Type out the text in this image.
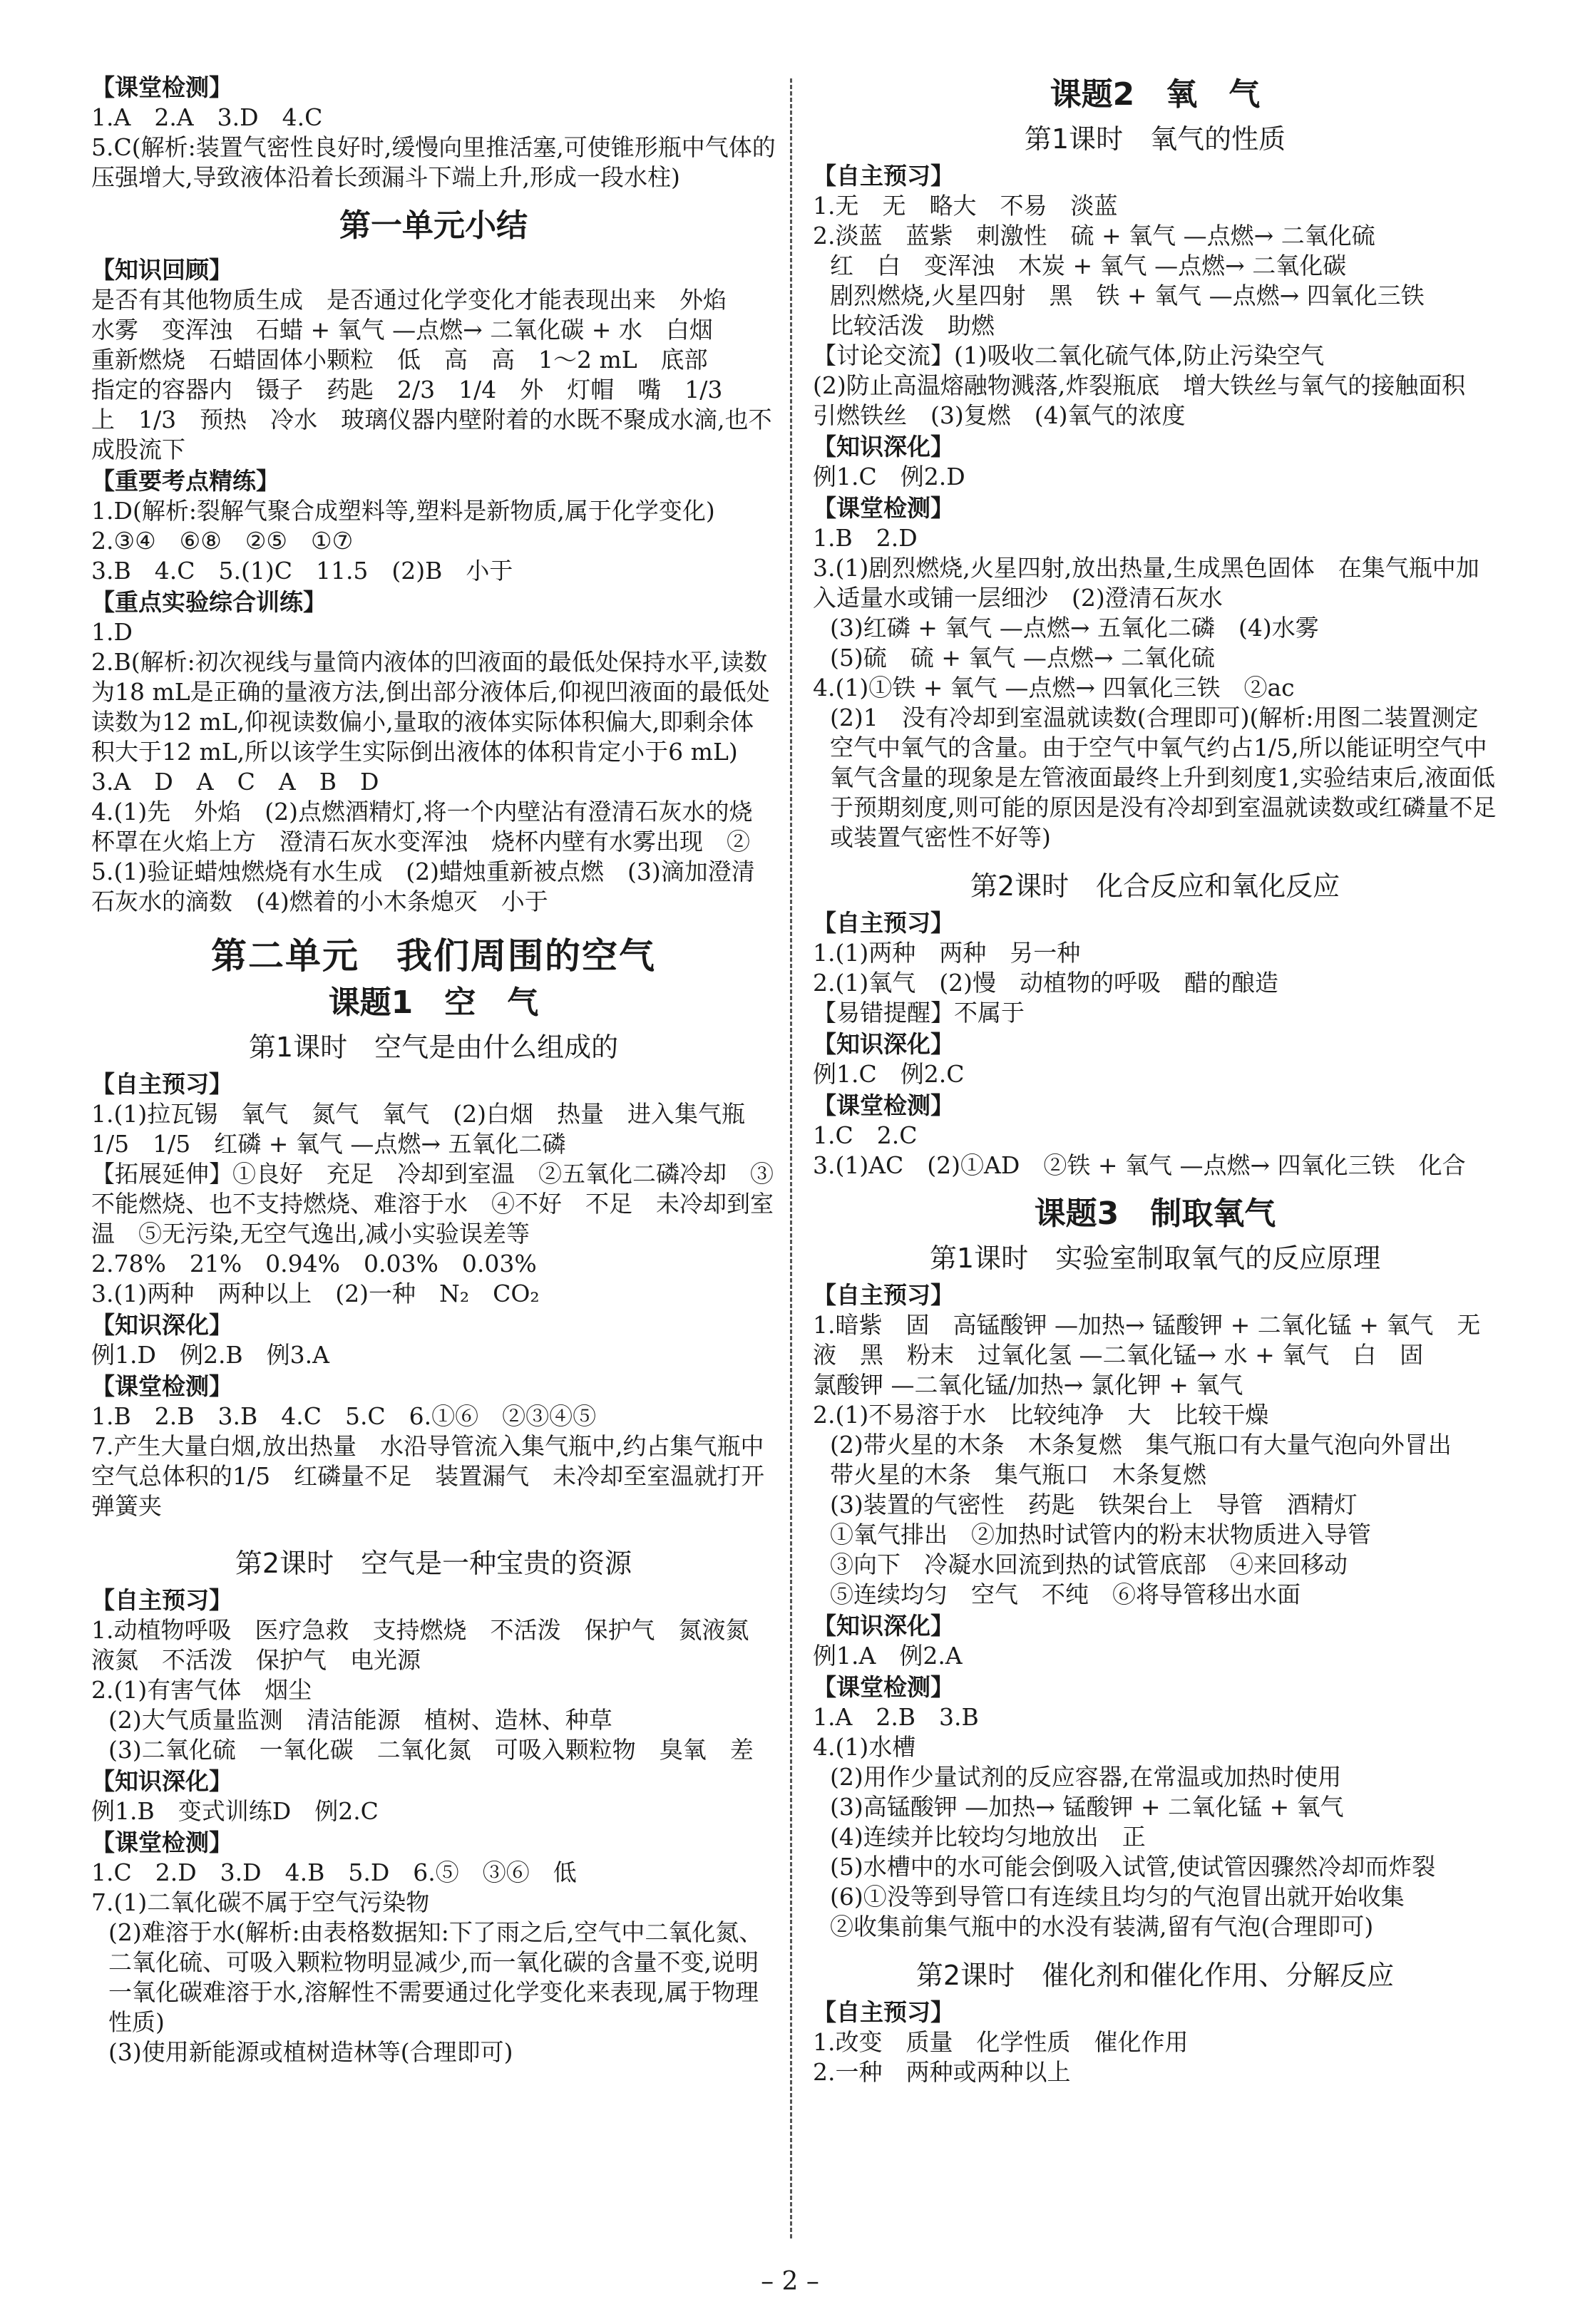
【课堂检测】
1.A　2.A　3.D　4.C
5.C(解析:装置气密性良好时,缓慢向里推活塞,可使锥形瓶中气体的压强增大,导致液体沿着长颈漏斗下端上升,形成一段水柱)
第一单元小结
【知识回顾】
是否有其他物质生成　是否通过化学变化才能表现出来　外焰
水雾　变浑浊　石蜡 + 氧气 —点燃→ 二氧化碳 + 水　白烟
重新燃烧　石蜡固体小颗粒　低　高　高　1～2 mL　底部
指定的容器内　镊子　药匙　2/3　1/4　外　灯帽　嘴　1/3
上　1/3　预热　冷水　玻璃仪器内壁附着的水既不聚成水滴,也不成股流下
【重要考点精练】
1.D(解析:裂解气聚合成塑料等,塑料是新物质,属于化学变化)
2.③④　⑥⑧　②⑤　①⑦
3.B　4.C　5.(1)C　11.5　(2)B　小于
【重点实验综合训练】
1.D
2.B(解析:初次视线与量筒内液体的凹液面的最低处保持水平,读数为18 mL是正确的量液方法,倒出部分液体后,仰视凹液面的最低处读数为12 mL,仰视读数偏小,量取的液体实际体积偏大,即剩余体积大于12 mL,所以该学生实际倒出液体的体积肯定小于6 mL)
3.A　D　A　C　A　B　D
4.(1)先　外焰　(2)点燃酒精灯,将一个内壁沾有澄清石灰水的烧杯罩在火焰上方　澄清石灰水变浑浊　烧杯内壁有水雾出现　②
5.(1)验证蜡烛燃烧有水生成　(2)蜡烛重新被点燃　(3)滴加澄清石灰水的滴数　(4)燃着的小木条熄灭　小于
第二单元　我们周围的空气
课题1　空　气
第1课时　空气是由什么组成的
【自主预习】
1.(1)拉瓦锡　氧气　氮气　氧气　(2)白烟　热量　进入集气瓶
1/5　1/5　红磷 + 氧气 —点燃→ 五氧化二磷
【拓展延伸】①良好　充足　冷却到室温　②五氧化二磷冷却　③不能燃烧、也不支持燃烧、难溶于水　④不好　不足　未冷却到室温　⑤无污染,无空气逸出,减小实验误差等
2.78%　21%　0.94%　0.03%　0.03%
3.(1)两种　两种以上　(2)一种　N₂　CO₂
【知识深化】
例1.D　例2.B　例3.A
【课堂检测】
1.B　2.B　3.B　4.C　5.C　6.①⑥　②③④⑤
7.产生大量白烟,放出热量　水沿导管流入集气瓶中,约占集气瓶中空气总体积的1/5　红磷量不足　装置漏气　未冷却至室温就打开弹簧夹
第2课时　空气是一种宝贵的资源
【自主预习】
1.动植物呼吸　医疗急救　支持燃烧　不活泼　保护气　氮液氮　液氮　不活泼　保护气　电光源
2.(1)有害气体　烟尘
(2)大气质量监测　清洁能源　植树、造林、种草
(3)二氧化硫　一氧化碳　二氧化氮　可吸入颗粒物　臭氧　差
【知识深化】
例1.B　变式训练D　例2.C
【课堂检测】
1.C　2.D　3.D　4.B　5.D　6.⑤　③⑥　低
7.(1)二氧化碳不属于空气污染物
(2)难溶于水(解析:由表格数据知:下了雨之后,空气中二氧化氮、二氧化硫、可吸入颗粒物明显减少,而一氧化碳的含量不变,说明一氧化碳难溶于水,溶解性不需要通过化学变化来表现,属于物理性质)
(3)使用新能源或植树造林等(合理即可)
课题2　氧　气
第1课时　氧气的性质
【自主预习】
1.无　无　略大　不易　淡蓝
2.淡蓝　蓝紫　刺激性　硫 + 氧气 —点燃→ 二氧化硫
红　白　变浑浊　木炭 + 氧气 —点燃→ 二氧化碳
剧烈燃烧,火星四射　黑　铁 + 氧气 —点燃→ 四氧化三铁
比较活泼　助燃
【讨论交流】(1)吸收二氧化硫气体,防止污染空气
(2)防止高温熔融物溅落,炸裂瓶底　增大铁丝与氧气的接触面积　引燃铁丝　(3)复燃　(4)氧气的浓度
【知识深化】
例1.C　例2.D
【课堂检测】
1.B　2.D
3.(1)剧烈燃烧,火星四射,放出热量,生成黑色固体　在集气瓶中加入适量水或铺一层细沙　(2)澄清石灰水
(3)红磷 + 氧气 —点燃→ 五氧化二磷　(4)水雾
(5)硫　硫 + 氧气 —点燃→ 二氧化硫
4.(1)①铁 + 氧气 —点燃→ 四氧化三铁　②ac
(2)1　没有冷却到室温就读数(合理即可)(解析:用图二装置测定空气中氧气的含量。由于空气中氧气约占1/5,所以能证明空气中氧气含量的现象是左管液面最终上升到刻度1,实验结束后,液面低于预期刻度,则可能的原因是没有冷却到室温就读数或红磷量不足或装置气密性不好等)
第2课时　化合反应和氧化反应
【自主预习】
1.(1)两种　两种　另一种
2.(1)氧气　(2)慢　动植物的呼吸　醋的酿造
【易错提醒】不属于
【知识深化】
例1.C　例2.C
【课堂检测】
1.C　2.C
3.(1)AC　(2)①AD　②铁 + 氧气 —点燃→ 四氧化三铁　化合
课题3　制取氧气
第1课时　实验室制取氧气的反应原理
【自主预习】
1.暗紫　固　高锰酸钾 —加热→ 锰酸钾 + 二氧化锰 + 氧气　无
液　黑　粉末　过氧化氢 —二氧化锰→ 水 + 氧气　白　固
氯酸钾 —二氧化锰/加热→ 氯化钾 + 氧气
2.(1)不易溶于水　比较纯净　大　比较干燥
(2)带火星的木条　木条复燃　集气瓶口有大量气泡向外冒出　带火星的木条　集气瓶口　木条复燃
(3)装置的气密性　药匙　铁架台上　导管　酒精灯
①氧气排出　②加热时试管内的粉末状物质进入导管
③向下　冷凝水回流到热的试管底部　④来回移动
⑤连续均匀　空气　不纯　⑥将导管移出水面
【知识深化】
例1.A　例2.A
【课堂检测】
1.A　2.B　3.B
4.(1)水槽
(2)用作少量试剂的反应容器,在常温或加热时使用
(3)高锰酸钾 —加热→ 锰酸钾 + 二氧化锰 + 氧气
(4)连续并比较均匀地放出　正
(5)水槽中的水可能会倒吸入试管,使试管因骤然冷却而炸裂
(6)①没等到导管口有连续且均匀的气泡冒出就开始收集
②收集前集气瓶中的水没有装满,留有气泡(合理即可)
第2课时　催化剂和催化作用、分解反应
【自主预习】
1.改变　质量　化学性质　催化作用
2.一种　两种或两种以上
– 2 –
